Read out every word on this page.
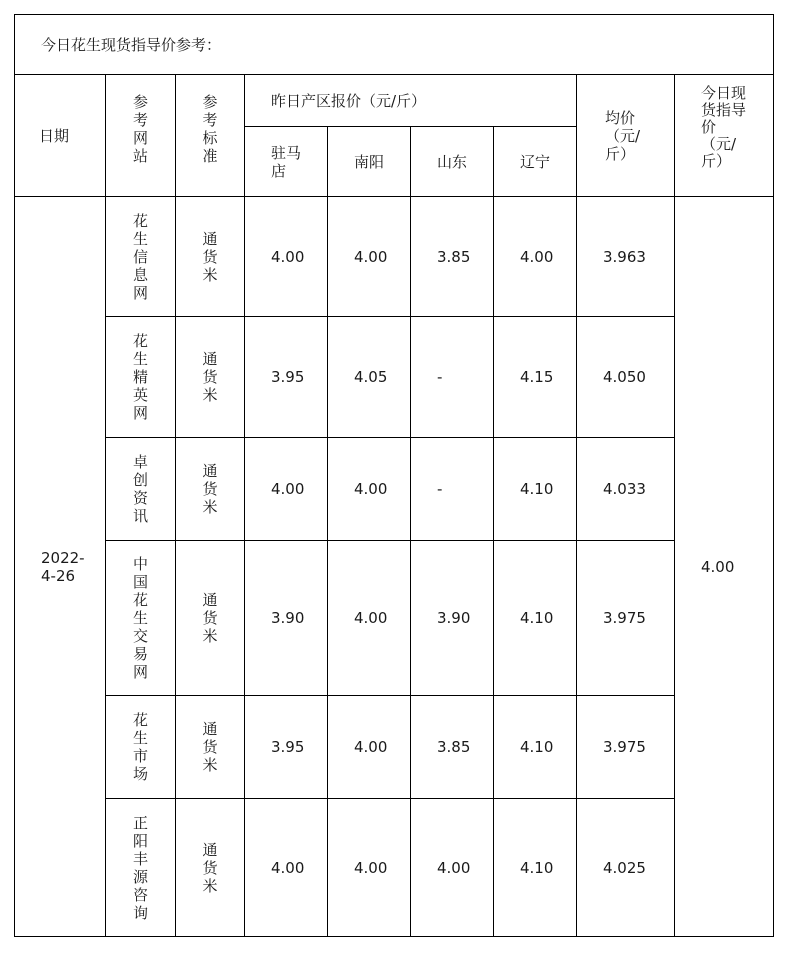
今日花生现货指导价参考：								
日期	参考网站	参考标准	昨日产区报价（元/斤）				均价（元/斤）	今日现货指导价（元/斤）
			驻马店	南阳	山东	辽宁		
2022-4-26	花生信息网	通货米	4.00	4.00	3.85	4.00	3.963	4.00
	花生精英网	通货米	3.95	4.05	-	4.15	4.050	
	卓创资讯	通货米	4.00	4.00	-	4.10	4.033	
	中国花生交易网	通货米	3.90	4.00	3.90	4.10	3.975	
	花生市场	通货米	3.95	4.00	3.85	4.10	3.975	
	正阳丰源咨询	通货米	4.00	4.00	4.00	4.10	4.025	
